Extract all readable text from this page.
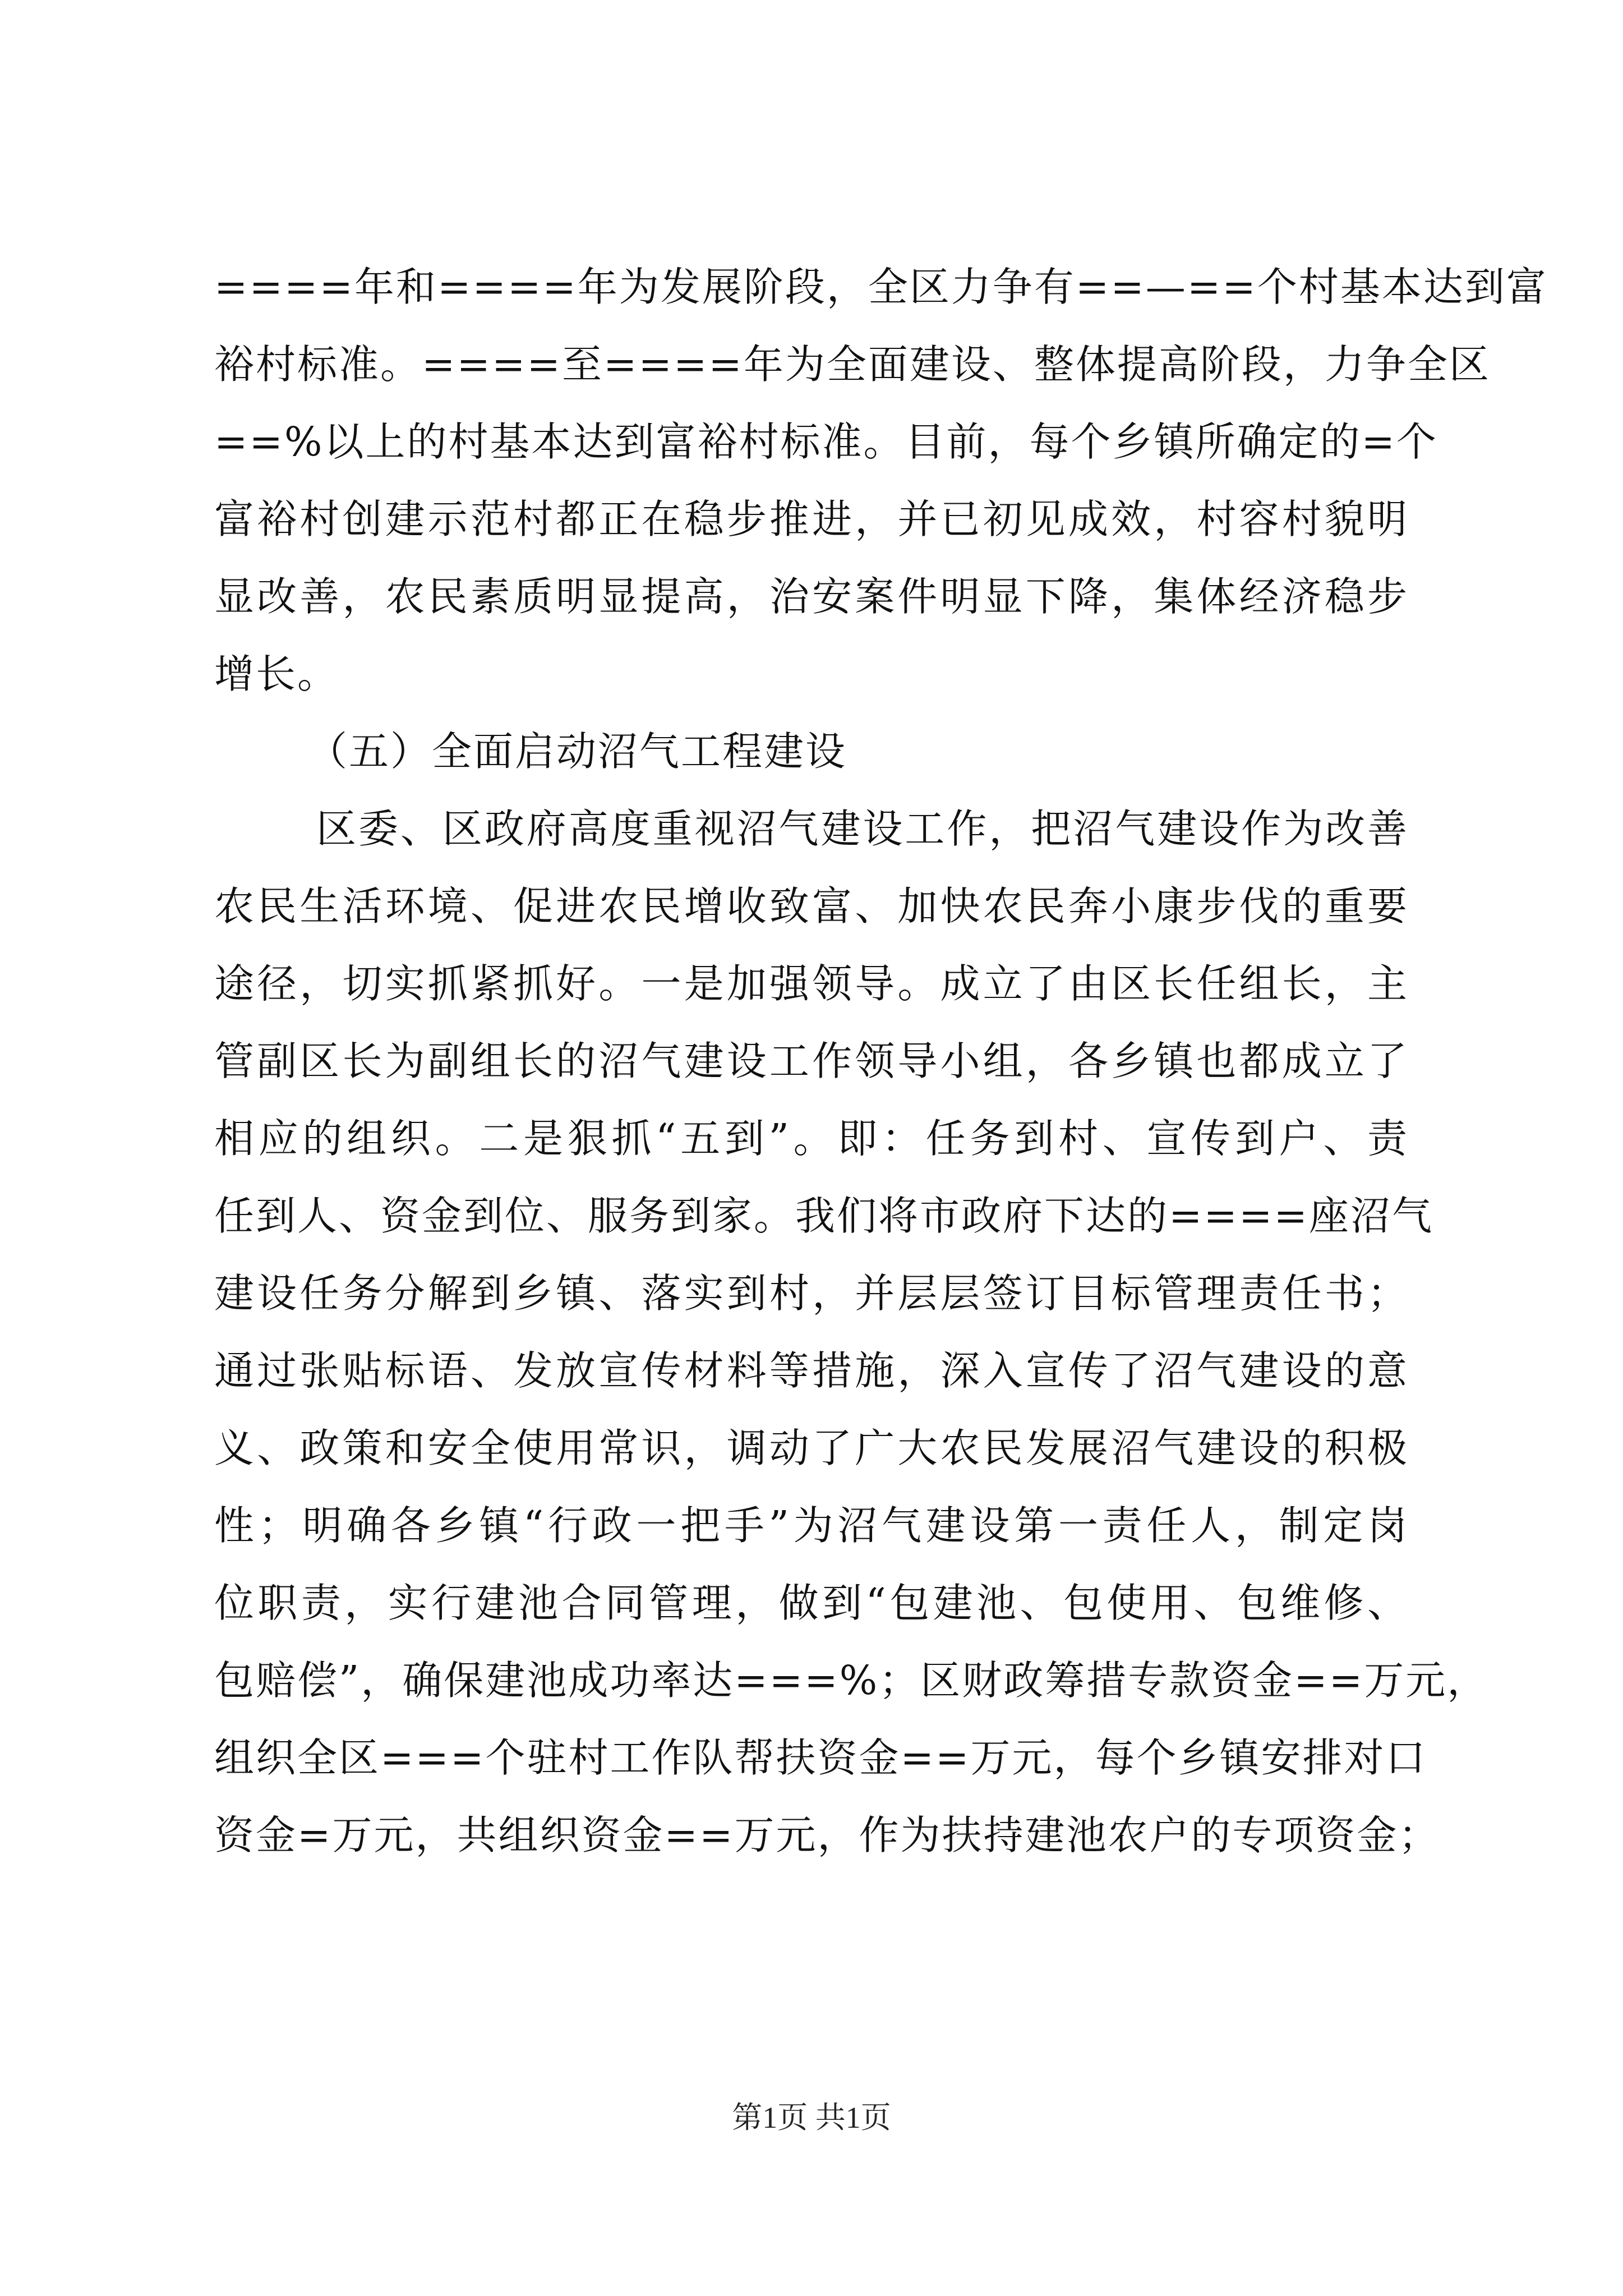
====年和====年为发展阶段，全区力争有==—==个村基本达到富
裕村标准。====至====年为全面建设、整体提高阶段，力争全区
==%以上的村基本达到富裕村标准。目前，每个乡镇所确定的=个
富裕村创建示范村都正在稳步推进，并已初见成效，村容村貌明
显改善，农民素质明显提高，治安案件明显下降，集体经济稳步
增长。
（五）全面启动沼气工程建设
区委、区政府高度重视沼气建设工作，把沼气建设作为改善
农民生活环境、促进农民增收致富、加快农民奔小康步伐的重要
途径，切实抓紧抓好。一是加强领导。成立了由区长任组长，主
管副区长为副组长的沼气建设工作领导小组，各乡镇也都成立了
相应的组织。二是狠抓“五到”。即：任务到村、宣传到户、责
任到人、资金到位、服务到家。我们将市政府下达的====座沼气
建设任务分解到乡镇、落实到村，并层层签订目标管理责任书；
通过张贴标语、发放宣传材料等措施，深入宣传了沼气建设的意
义、政策和安全使用常识，调动了广大农民发展沼气建设的积极
性；明确各乡镇“行政一把手”为沼气建设第一责任人，制定岗
位职责，实行建池合同管理，做到“包建池、包使用、包维修、
包赔偿”，确保建池成功率达===%；区财政筹措专款资金==万元，
组织全区===个驻村工作队帮扶资金==万元，每个乡镇安排对口
资金=万元，共组织资金==万元，作为扶持建池农户的专项资金；
第1页 共1页
